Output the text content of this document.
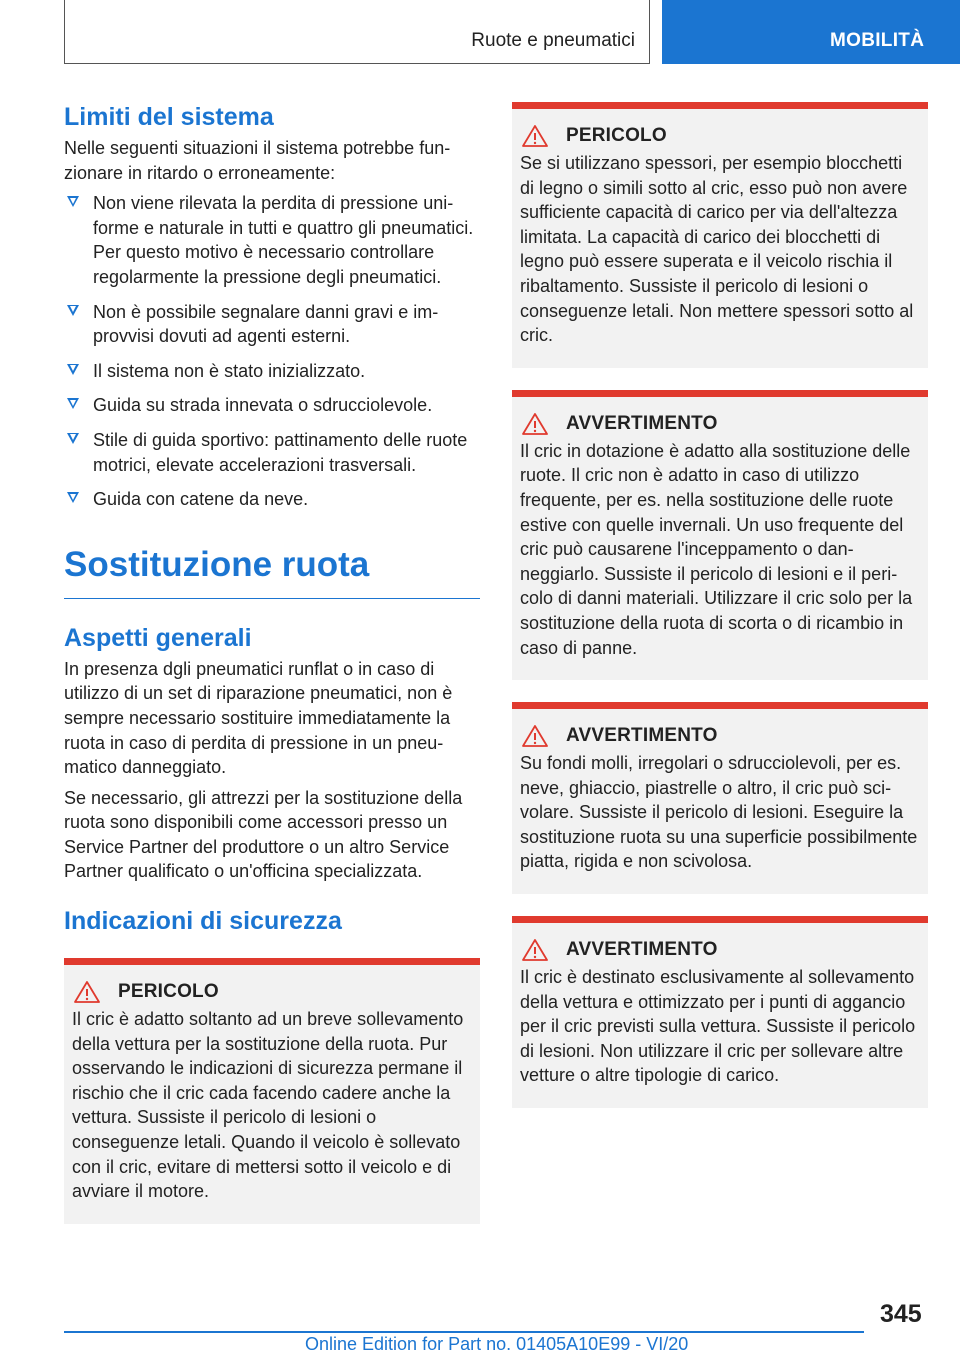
Ruote e pneumatici	MOBILITÀ
Limiti del sistema

Nelle seguenti situazioni il sistema potrebbe funzionare in ritardo o erroneamente:

Non viene rilevata la perdita di pressione uniforme e naturale in tutti e quattro gli pneumatici. Per questo motivo è necessario controllare regolarmente la pressione degli pneumatici.
Non è possibile segnalare danni gravi e improvvisi dovuti ad agenti esterni.
Il sistema non è stato inizializzato.
Guida su strada innevata o sdrucciolevole.
Stile di guida sportivo: pattinamento delle ruote motrici, elevate accelerazioni trasversali.
Guida con catene da neve.
Sostituzione ruota
Aspetti generali

In presenza dgli pneumatici runflat o in caso di utilizzo di un set di riparazione pneumatici, non è sempre necessario sostituire immediatamente la ruota in caso di perdita di pressione in un pneumatico danneggiato.

Se necessario, gli attrezzi per la sostituzione della ruota sono disponibili come accessori presso un Service Partner del produttore o un altro Service Partner qualificato o un'officina specializzata.

Indicazioni di sicurezza
PERICOLO

Il cric è adatto soltanto ad un breve sollevamento della vettura per la sostituzione della ruota. Pur osservando le indicazioni di sicurezza permane il rischio che il cric cada facendo cadere anche la vettura. Sussiste il pericolo di lesioni o conseguenze letali. Quando il veicolo è sollevato con il cric, evitare di mettersi sotto il veicolo e di avviare il motore.

PERICOLO

Se si utilizzano spessori, per esempio blocchetti di legno o simili sotto al cric, esso può non avere sufficiente capacità di carico per via dell'altezza limitata. La capacità di carico dei blocchetti di legno può essere superata e il veicolo rischia il ribaltamento. Sussiste il pericolo di lesioni o conseguenze letali. Non mettere spessori sotto al cric.

AVVERTIMENTO

Il cric in dotazione è adatto alla sostituzione delle ruote. Il cric non è adatto in caso di utilizzo frequente, per es. nella sostituzione delle ruote estive con quelle invernali. Un uso frequente del cric può causarene l'inceppamento o danneggiarlo. Sussiste il pericolo di lesioni e il pericolo di danni materiali. Utilizzare il cric solo per la sostituzione della ruota di scorta o di ricambio in caso di panne.

AVVERTIMENTO

Su fondi molli, irregolari o sdrucciolevoli, per es. neve, ghiaccio, piastrelle o altro, il cric può scivolare. Sussiste il pericolo di lesioni. Eseguire la sostituzione ruota su una superficie possibilmente piatta, rigida e non scivolosa.

AVVERTIMENTO

Il cric è destinato esclusivamente al sollevamento della vettura e ottimizzato per i punti di aggancio per il cric previsti sulla vettura. Sussiste il pericolo di lesioni. Non utilizzare il cric per sollevare altre vetture o altre tipologie di carico.

345
Online Edition for Part no. 01405A10E99 - VI/20
